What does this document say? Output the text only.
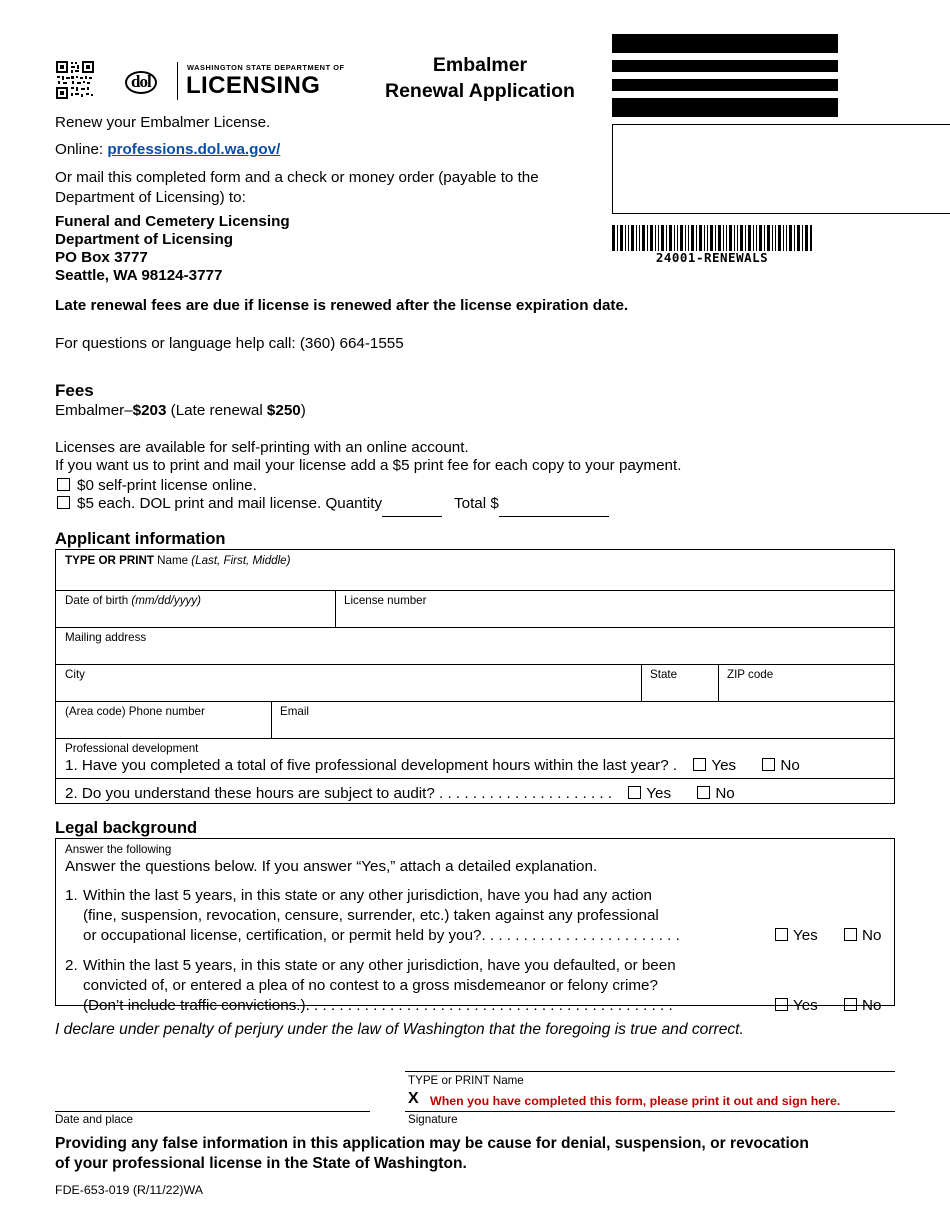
dol
WASHINGTON STATE DEPARTMENT OF
LICENSING
Embalmer
Renewal Application
24001-RENEWALS
Renew your Embalmer License.
Online: professions.dol.wa.gov/
Or mail this completed form and a check or money order (payable to the Department of Licensing) to:
Funeral and Cemetery Licensing
Department of Licensing
PO Box 3777
Seattle, WA 98124-3777
Late renewal fees are due if license is renewed after the license expiration date.
For questions or language help call: (360) 664-1555
Fees
Embalmer–$203 (Late renewal $250)
Licenses are available for self-printing with an online account.
If you want us to print and mail your license add a $5 print fee for each copy to your payment.
$0 self-print license online.
$5 each. DOL print and mail license. Quantity	Total $
Applicant information
TYPE OR PRINT Name (Last, First, Middle)
Date of birth (mm/dd/yyyy)	License number
Mailing address
City	State	ZIP code
(Area code) Phone number	Email
Professional development
1. Have you completed a total of five professional development hours within the last year? . Yes	No
2. Do you understand these hours are subject to audit? . . . . . . . . . . . . . . . . . . . . . Yes	No
Legal background
Answer the following
Answer the questions below. If you answer “Yes,” attach a detailed explanation.
1. Within the last 5 years, in this state or any other jurisdiction, have you had any action
(fine, suspension, revocation, censure, surrender, etc.) taken against any professional
or occupational license, certification, or permit held by you?. . . . . . . . . . . . . . . . . . . . . . . .	Yes	No
2. Within the last 5 years, in this state or any other jurisdiction, have you defaulted, or been
convicted of, or entered a plea of no contest to a gross misdemeanor or felony crime?
(Don’t include traffic convictions.). . . . . . . . . . . . . . . . . . . . . . . . . . . . . . . . . . . . . . . . . . . .	Yes	No
I declare under penalty of perjury under the law of Washington that the foregoing is true and correct.
Date and place
TYPE or PRINT Name
X When you have completed this form, please print it out and sign here.
Signature
Providing any false information in this application may be cause for denial, suspension, or revocation
of your professional license in the State of Washington.
FDE-653-019 (R/11/22)WA
